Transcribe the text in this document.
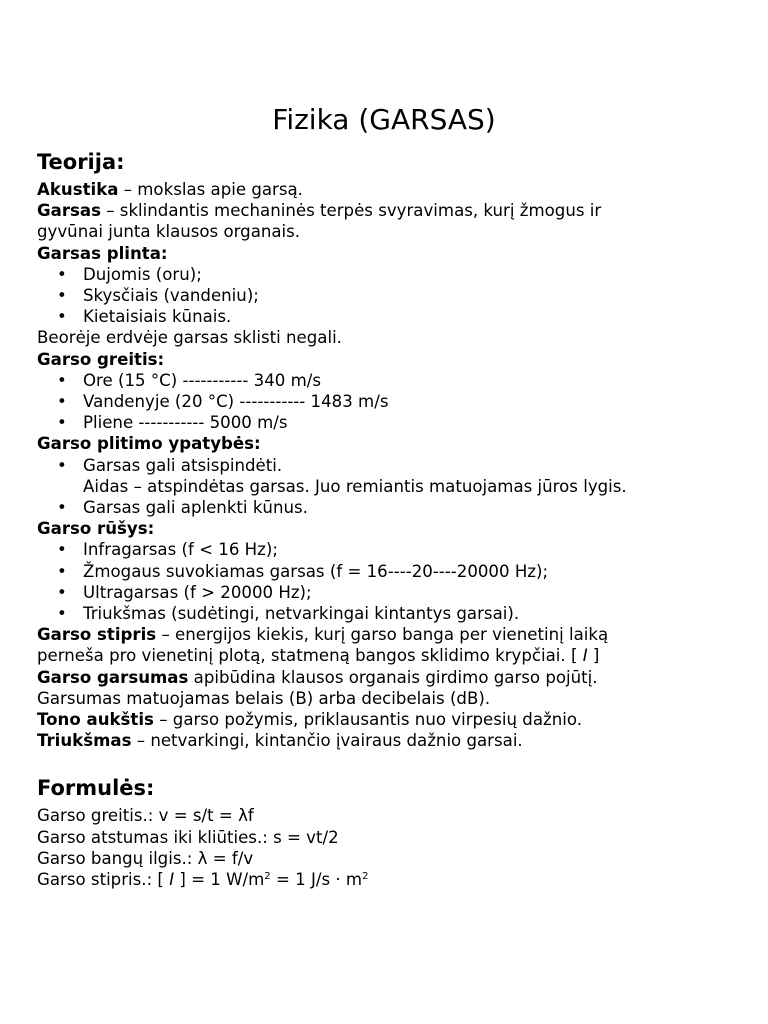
Fizika (GARSAS)
Teorija:
Akustika – mokslas apie garsą.
Garsas – sklindantis mechaninės terpės svyravimas, kurį žmogus ir
gyvūnai junta klausos organais.
Garsas plinta:
• Dujomis (oru);
• Skysčiais (vandeniu);
• Kietaisiais kūnais.
Beorėje erdvėje garsas sklisti negali.
Garso greitis:
• Ore (15 °C) ----------- 340 m/s
• Vandenyje (20 °C) ----------- 1483 m/s
• Pliene ----------- 5000 m/s
Garso plitimo ypatybės:
• Garsas gali atsispindėti.
Aidas – atspindėtas garsas. Juo remiantis matuojamas jūros lygis.
• Garsas gali aplenkti kūnus.
Garso rūšys:
• Infragarsas (f < 16 Hz);
• Žmogaus suvokiamas garsas (f = 16----20----20000 Hz);
• Ultragarsas (f > 20000 Hz);
• Triukšmas (sudėtingi, netvarkingai kintantys garsai).
Garso stipris – energijos kiekis, kurį garso banga per vienetinį laiką
perneša pro vienetinį plotą, statmeną bangos sklidimo krypčiai. [ I ]
Garso garsumas apibūdina klausos organais girdimo garso pojūtį.
Garsumas matuojamas belais (B) arba decibelais (dB).
Tono aukštis – garso požymis, priklausantis nuo virpesių dažnio.
Triukšmas – netvarkingi, kintančio įvairaus dažnio garsai.
Formulės:
Garso greitis.: v = s/t = λf
Garso atstumas iki kliūties.: s = vt/2
Garso bangų ilgis.: λ = f/v
Garso stipris.: [ I ] = 1 $W/m^2 = 1$ $J/s \cdot m^2$
